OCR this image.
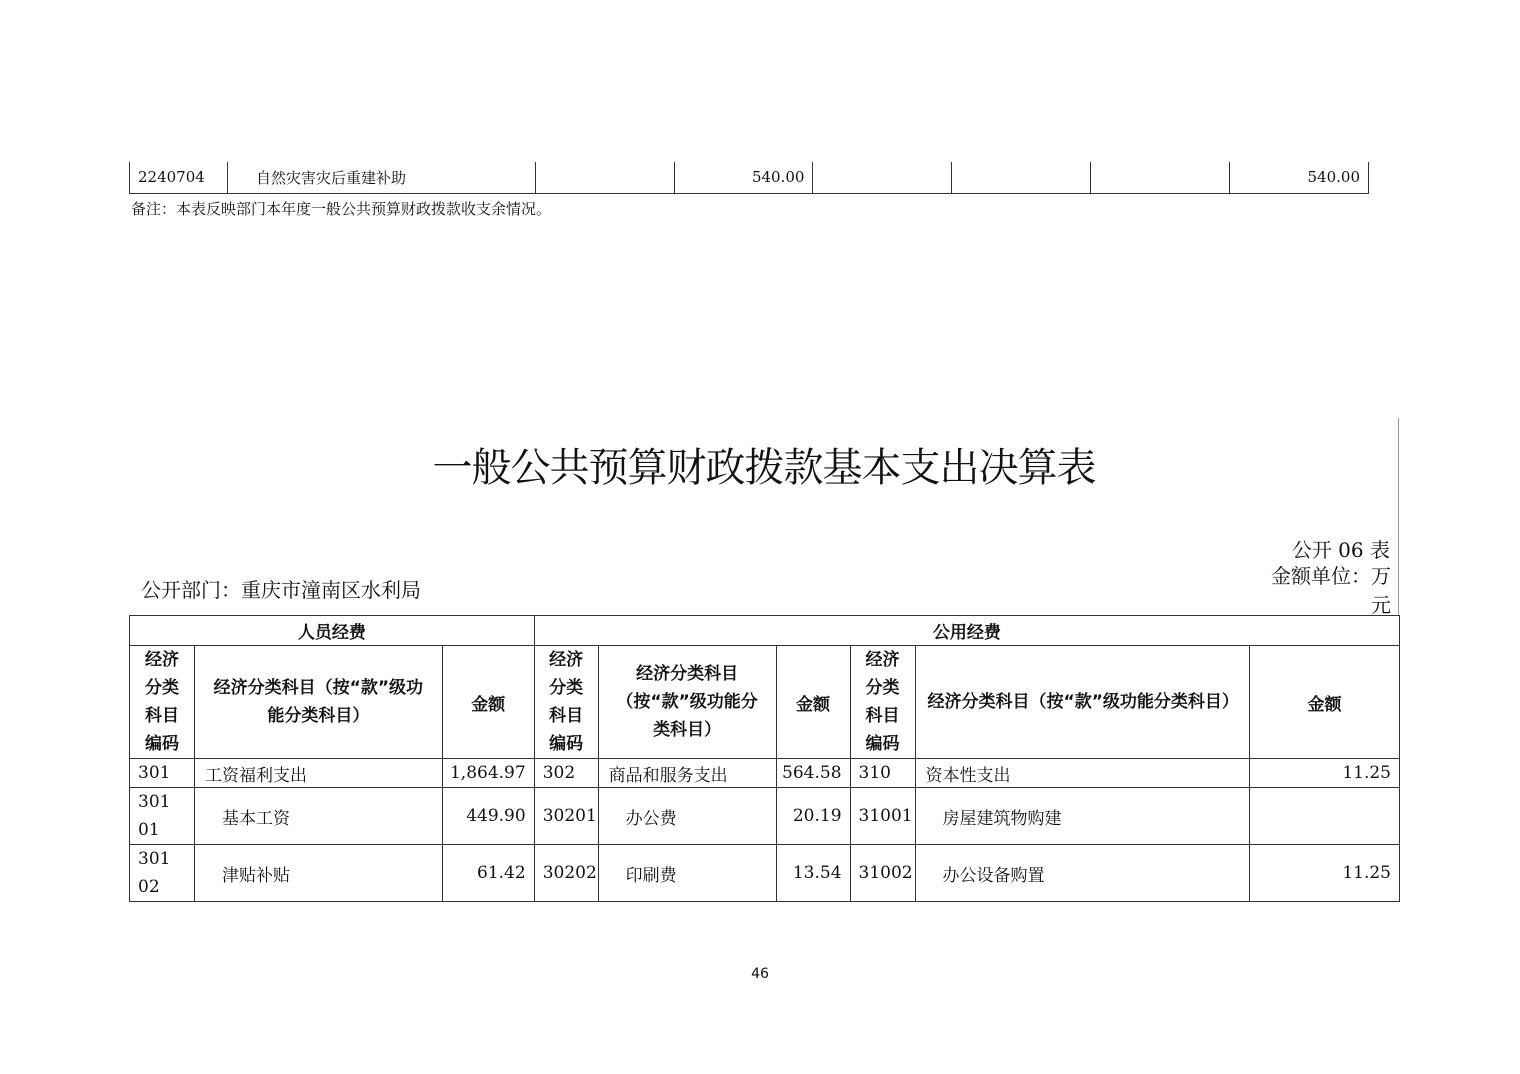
2240704	自然灾害灾后重建补助		540.00				540.00
备注：本表反映部门本年度一般公共预算财政拨款收支余情况。
一般公共预算财政拨款基本支出决算表
公开 06 表
金额单位：万元
公开部门：重庆市潼南区水利局
人员经费			公用经费					
经济分类科目编码	经济分类科目（按“款”级功能分类科目）	金额	经济分类科目编码	经济分类科目（按“款”级功能分类科目）	金额	经济分类科目编码	经济分类科目（按“款”级功能分类科目）	金额
301	工资福利支出	1,864.97	302	商品和服务支出	564.58	310	资本性支出	11.25
30101	基本工资	449.90	30201	办公费	20.19	31001	房屋建筑物购建	
30102	津贴补贴	61.42	30202	印刷费	13.54	31002	办公设备购置	11.25
46
